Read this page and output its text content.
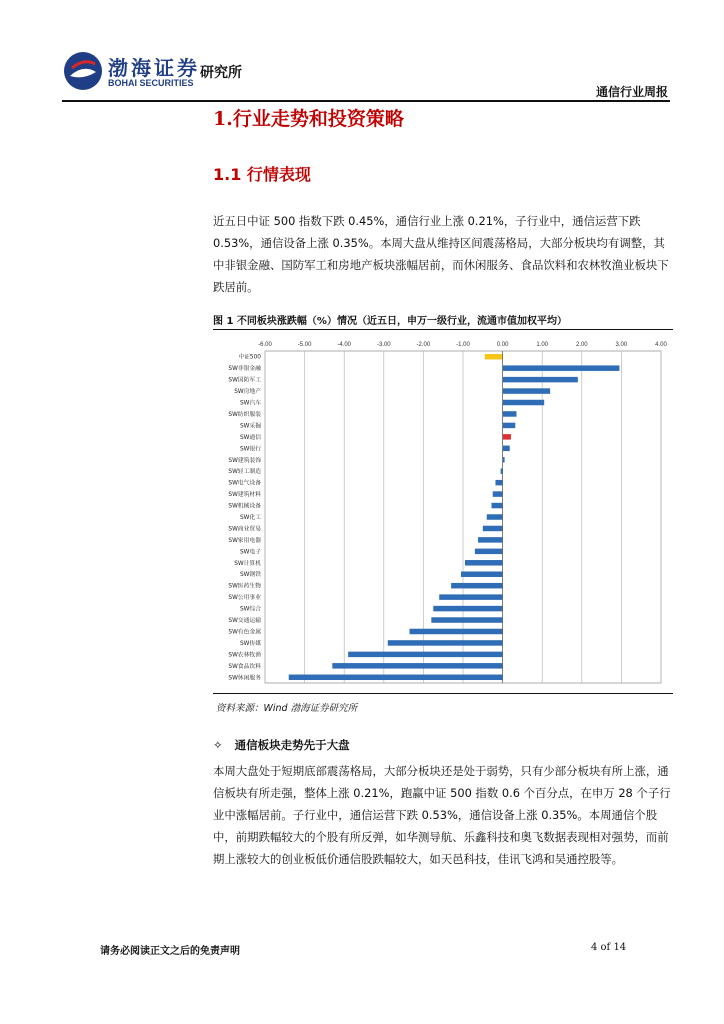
渤海证券
BOHAI SECURITIES
研究所
通信行业周报
1.行业走势和投资策略
1.1 行情表现

近五日中证 500 指数下跌 0.45%，通信行业上涨 0.21%，子行业中，通信运营下跌 0.53%，通信设备上涨 0.35%。本周大盘从维持区间震荡格局，大部分板块均有调整，其中非银金融、国防军工和房地产板块涨幅居前，而休闲服务、食品饮料和农林牧渔业板块下跌居前。

图 1 不同板块涨跌幅（%）情况（近五日，申万一级行业，流通市值加权平均）
-6.00	-5.00	-4.00	-3.00	-2.00	-1.00	0.00	1.00	2.00	3.00	4.00
中证500
SW非银金融
SW国防军工
SW房地产
SW汽车
SW纺织服装
SW采掘
SW通信
SW银行
SW建筑装饰
SW轻工制造
SW电气设备
SW建筑材料
SW机械设备
SW化工
SW商业贸易
SW家用电器
SW电子
SW计算机
SW钢铁
SW医药生物
SW公用事业
SW综合
SW交通运输
SW有色金属
SW传媒
SW农林牧渔
SW食品饮料
SW休闲服务
资料来源：Wind 渤海证券研究所
✧ 通信板块走势先于大盘

本周大盘处于短期底部震荡格局，大部分板块还是处于弱势，只有少部分板块有所上涨，通信板块有所走强，整体上涨 0.21%，跑赢中证 500 指数 0.6 个百分点，在申万 28 个子行业中涨幅居前。子行业中，通信运营下跌 0.53%，通信设备上涨 0.35%。本周通信个股中，前期跌幅较大的个股有所反弹，如华测导航、乐鑫科技和奥飞数据表现相对强势，而前期上涨较大的创业板低价通信股跌幅较大，如天邑科技，佳讯飞鸿和吴通控股等。

请务必阅读正文之后的免责声明	4 of 14
